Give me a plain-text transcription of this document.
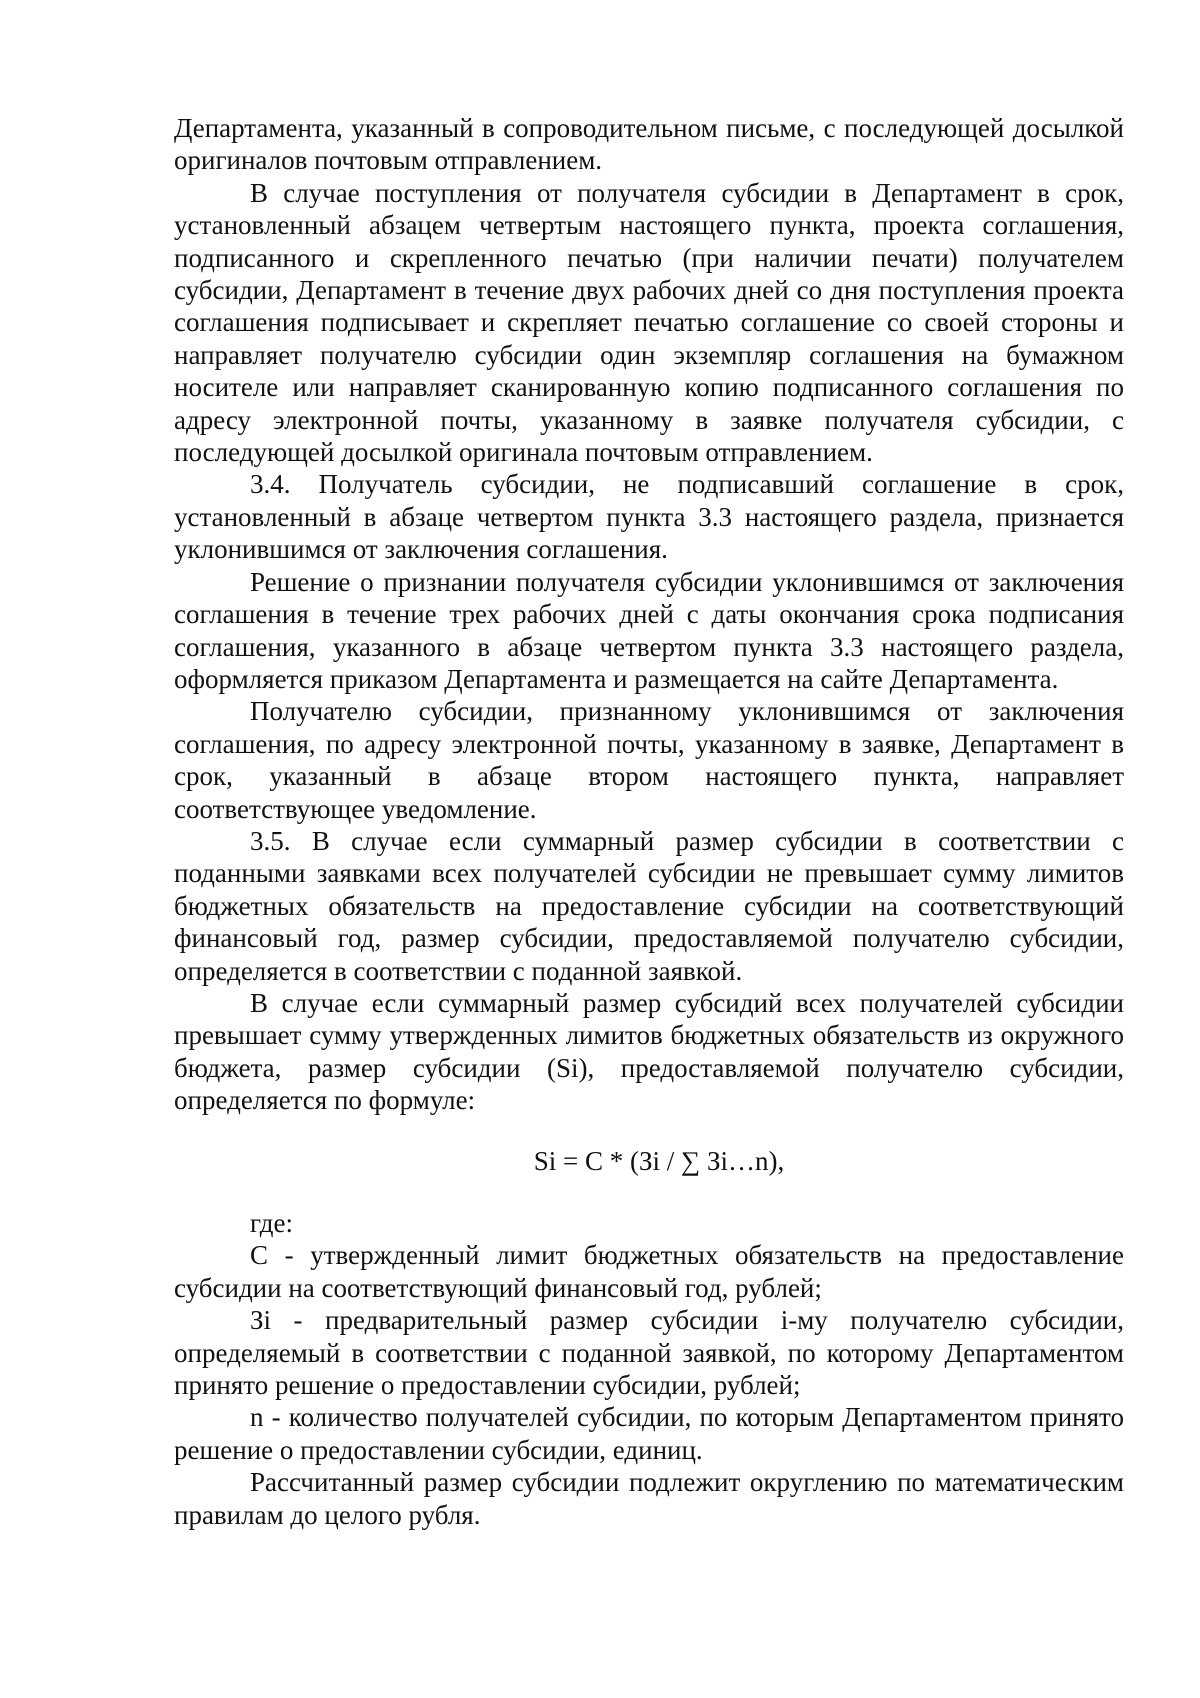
Департамента, указанный в сопроводительном письме, с последующей досылкой оригиналов почтовым отправлением.

В случае поступления от получателя субсидии в Департамент в срок, установленный абзацем четвертым настоящего пункта, проекта соглашения, подписанного и скрепленного печатью (при наличии печати) получателем субсидии, Департамент в течение двух рабочих дней со дня поступления проекта соглашения подписывает и скрепляет печатью соглашение со своей стороны и направляет получателю субсидии один экземпляр соглашения на бумажном носителе или направляет сканированную копию подписанного соглашения по адресу электронной почты, указанному в заявке получателя субсидии, с последующей досылкой оригинала почтовым отправлением.

3.4. Получатель субсидии, не подписавший соглашение в срок, установленный в абзаце четвертом пункта 3.3 настоящего раздела, признается уклонившимся от заключения соглашения.

Решение о признании получателя субсидии уклонившимся от заключения соглашения в течение трех рабочих дней с даты окончания срока подписания соглашения, указанного в абзаце четвертом пункта 3.3 настоящего раздела, оформляется приказом Департамента и размещается на сайте Департамента.

Получателю субсидии, признанному уклонившимся от заключения соглашения, по адресу электронной почты, указанному в заявке, Департамент в срок, указанный в абзаце втором настоящего пункта, направляет соответствующее уведомление.

3.5. В случае если суммарный размер субсидии в соответствии с поданными заявками всех получателей субсидии не превышает сумму лимитов бюджетных обязательств на предоставление субсидии на соответствующий финансовый год, размер субсидии, предоставляемой получателю субсидии, определяется в соответствии с поданной заявкой.

В случае если суммарный размер субсидий всех получателей субсидии превышает сумму утвержденных лимитов бюджетных обязательств из окружного бюджета, размер субсидии (Si), предоставляемой получателю субсидии, определяется по формуле:

Si = C * (Зi / ∑ Зi…n),

где:

C - утвержденный лимит бюджетных обязательств на предоставление субсидии на соответствующий финансовый год, рублей;

Зi - предварительный размер субсидии i-му получателю субсидии, определяемый в соответствии с поданной заявкой, по которому Департаментом принято решение о предоставлении субсидии, рублей;

n - количество получателей субсидии, по которым Департаментом принято решение о предоставлении субсидии, единиц.

Рассчитанный размер субсидии подлежит округлению по математическим правилам до целого рубля.
